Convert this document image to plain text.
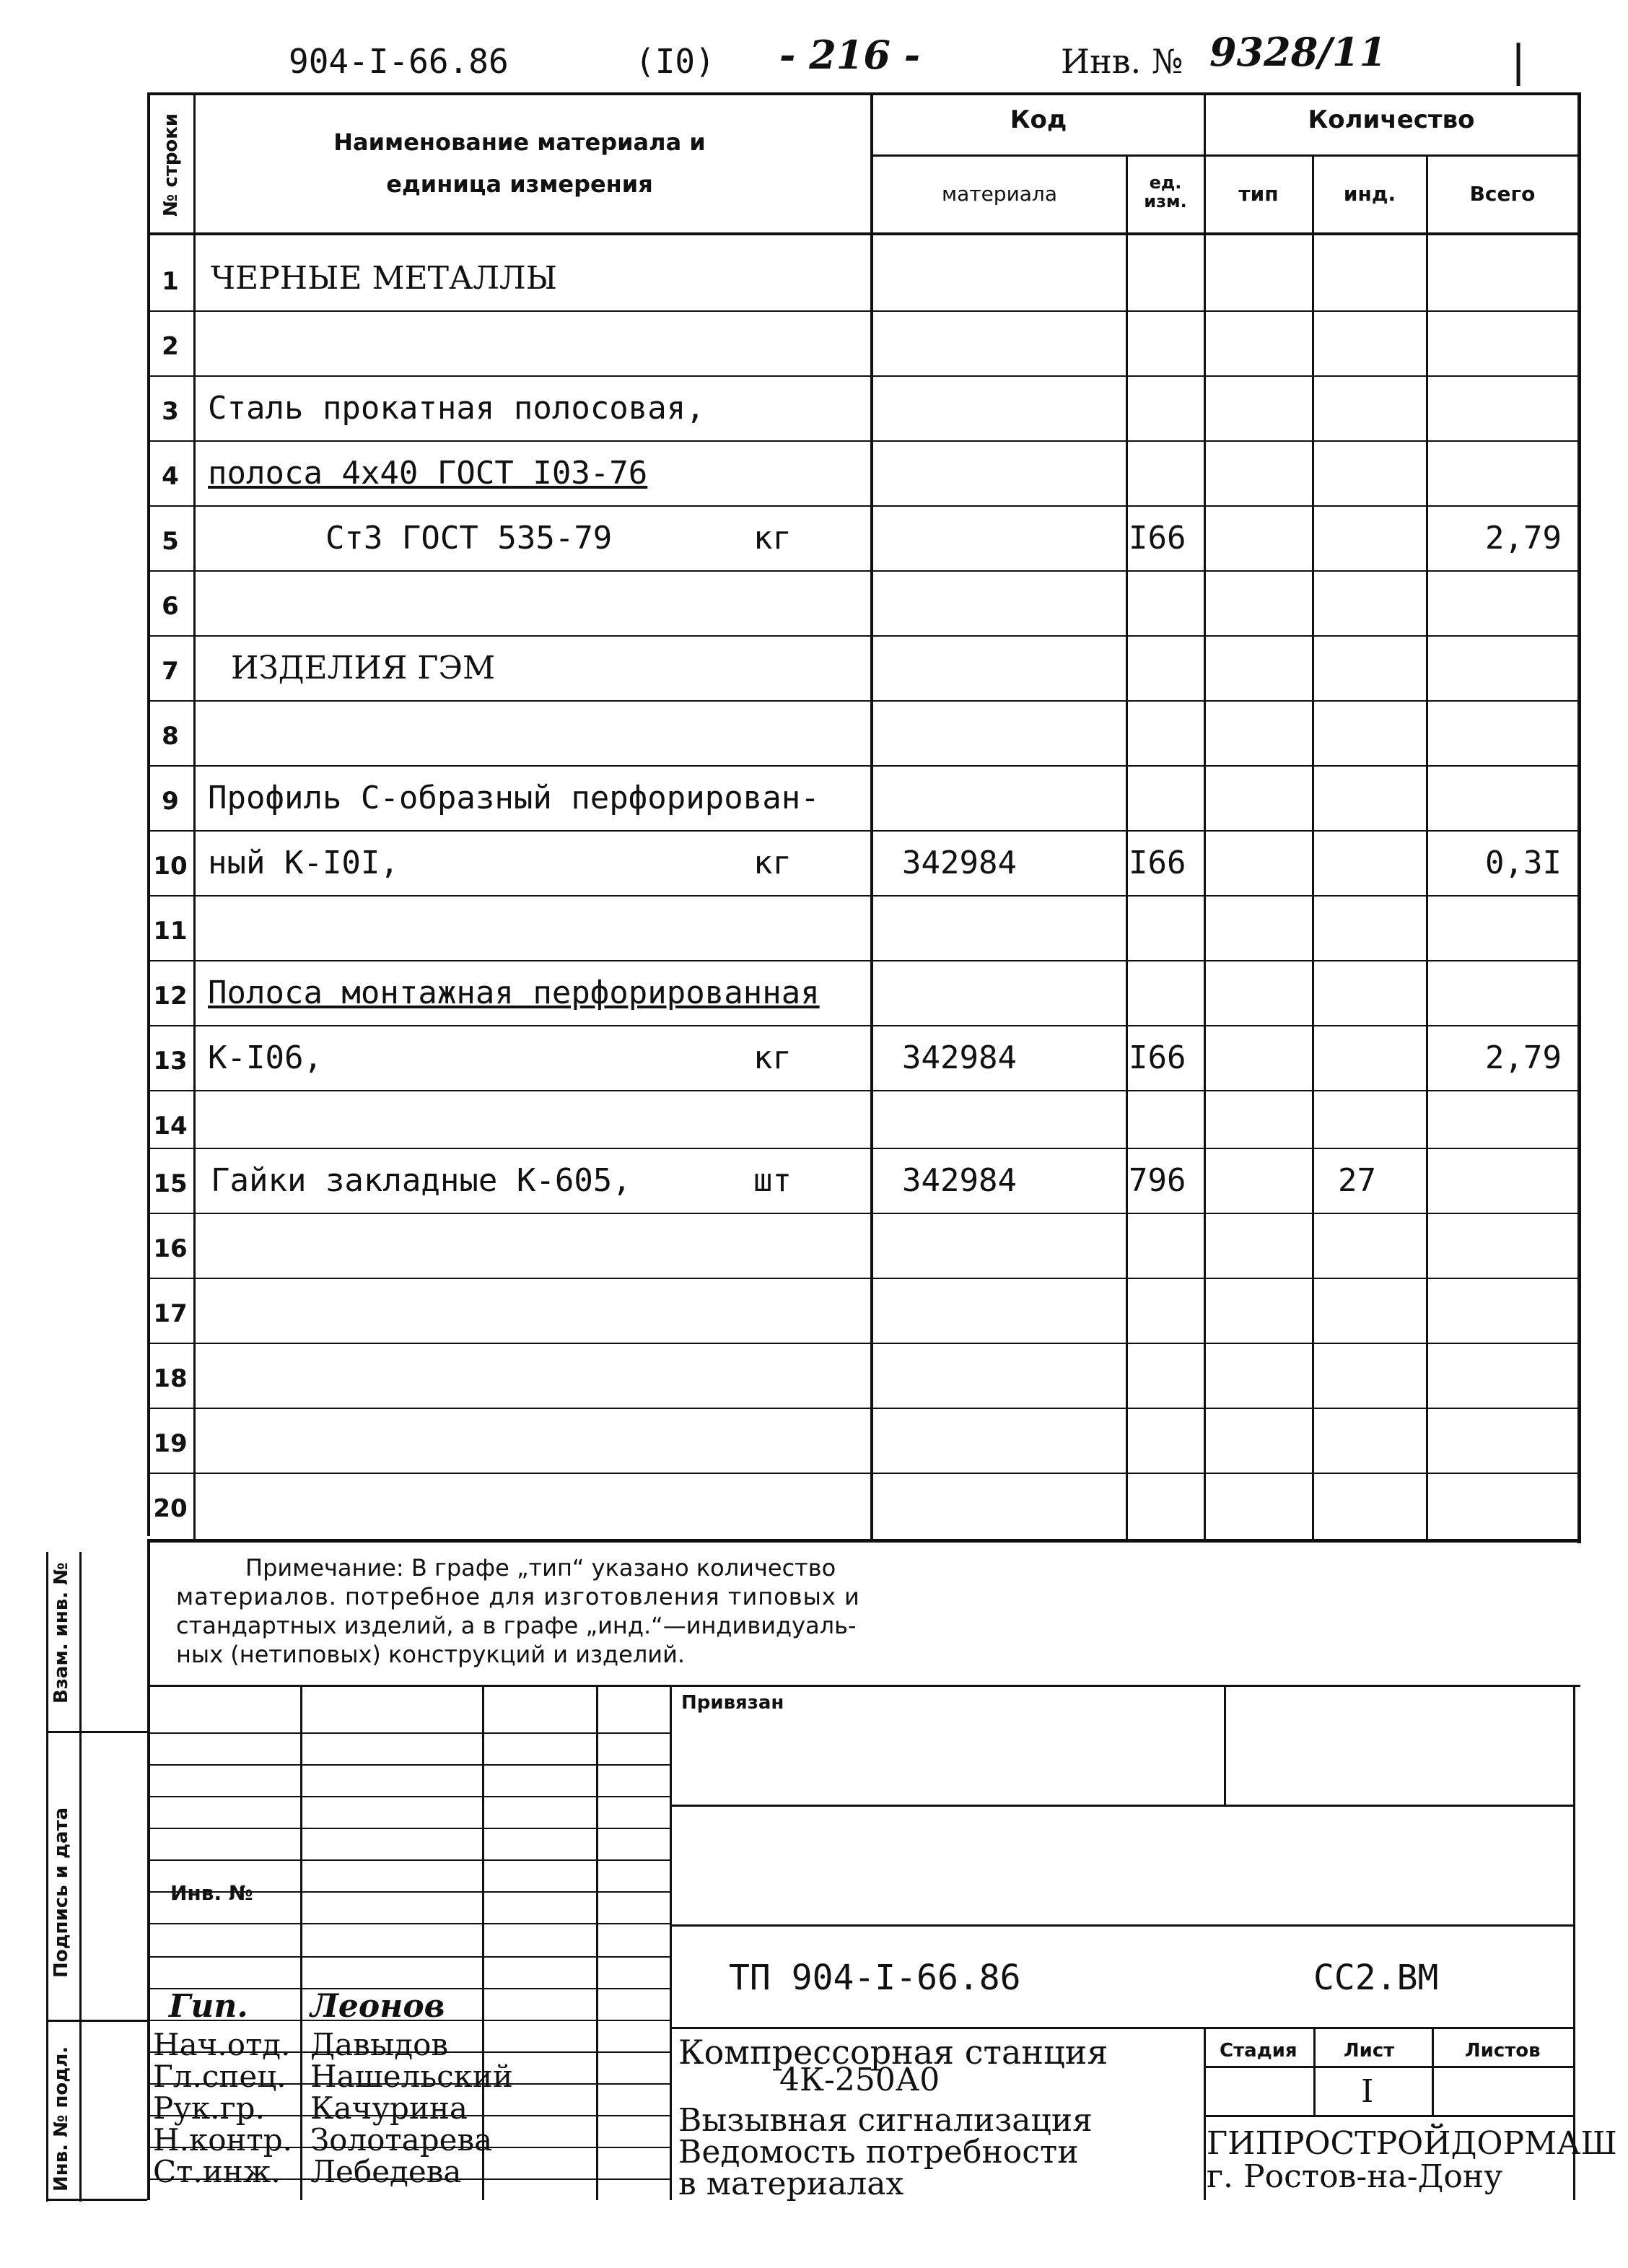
904-I-66.86	(I0) - 216 -	Инв. № 9328/11	|
№ строки	Наименование материала и единица измерения
Код
материала	ед. изм.
Количество
тип	инд.	Всего
1	ЧЕРНЫЕ МЕТАЛЛЫ
2
3 Сталь прокатная полосовая,
4 полоса 4х40 ГОСТ I03-76
5	Ст3 ГОСТ 535-79	кг	I66	2,79
6
7	ИЗДЕЛИЯ ГЭМ
8
9 Профиль С-образный перфорирован-
10 ный К-I0I,	кг	342984	I66	0,3I
11
12 Полоса монтажная перфорированная
13 К-I06,	кг	342984	I66	2,79
14
15 Гайки закладные К-605,	шт	342984	796	27
16
17
18
19
20
Примечание: В графе „тип“ указано количество
материалов. потребное для изготовления типовых и
стандартных изделий, а в графе „инд.“—индивидуаль-
ных (нетиповых) конструкций и изделий.
Взам. инв. №
Подпись и дата
Инв. № подл.
Привязан
Инв. №
ТП 904-I-66.86	СС2.ВМ
Гип. Леонов
Нач.отд. Давыдов
Гл.спец. Нашельский
Рук.гр. Качурина
Н.контр. Золотарева
Ст.инж. Лебедева
Компрессорная станция
4К-250А0
Вызывная сигнализация
Ведомость потребности
в материалах
Стадия Лист	Листов
I
ГИПРОСТРОЙДОРМАШ
г. Ростов-на-Дону
